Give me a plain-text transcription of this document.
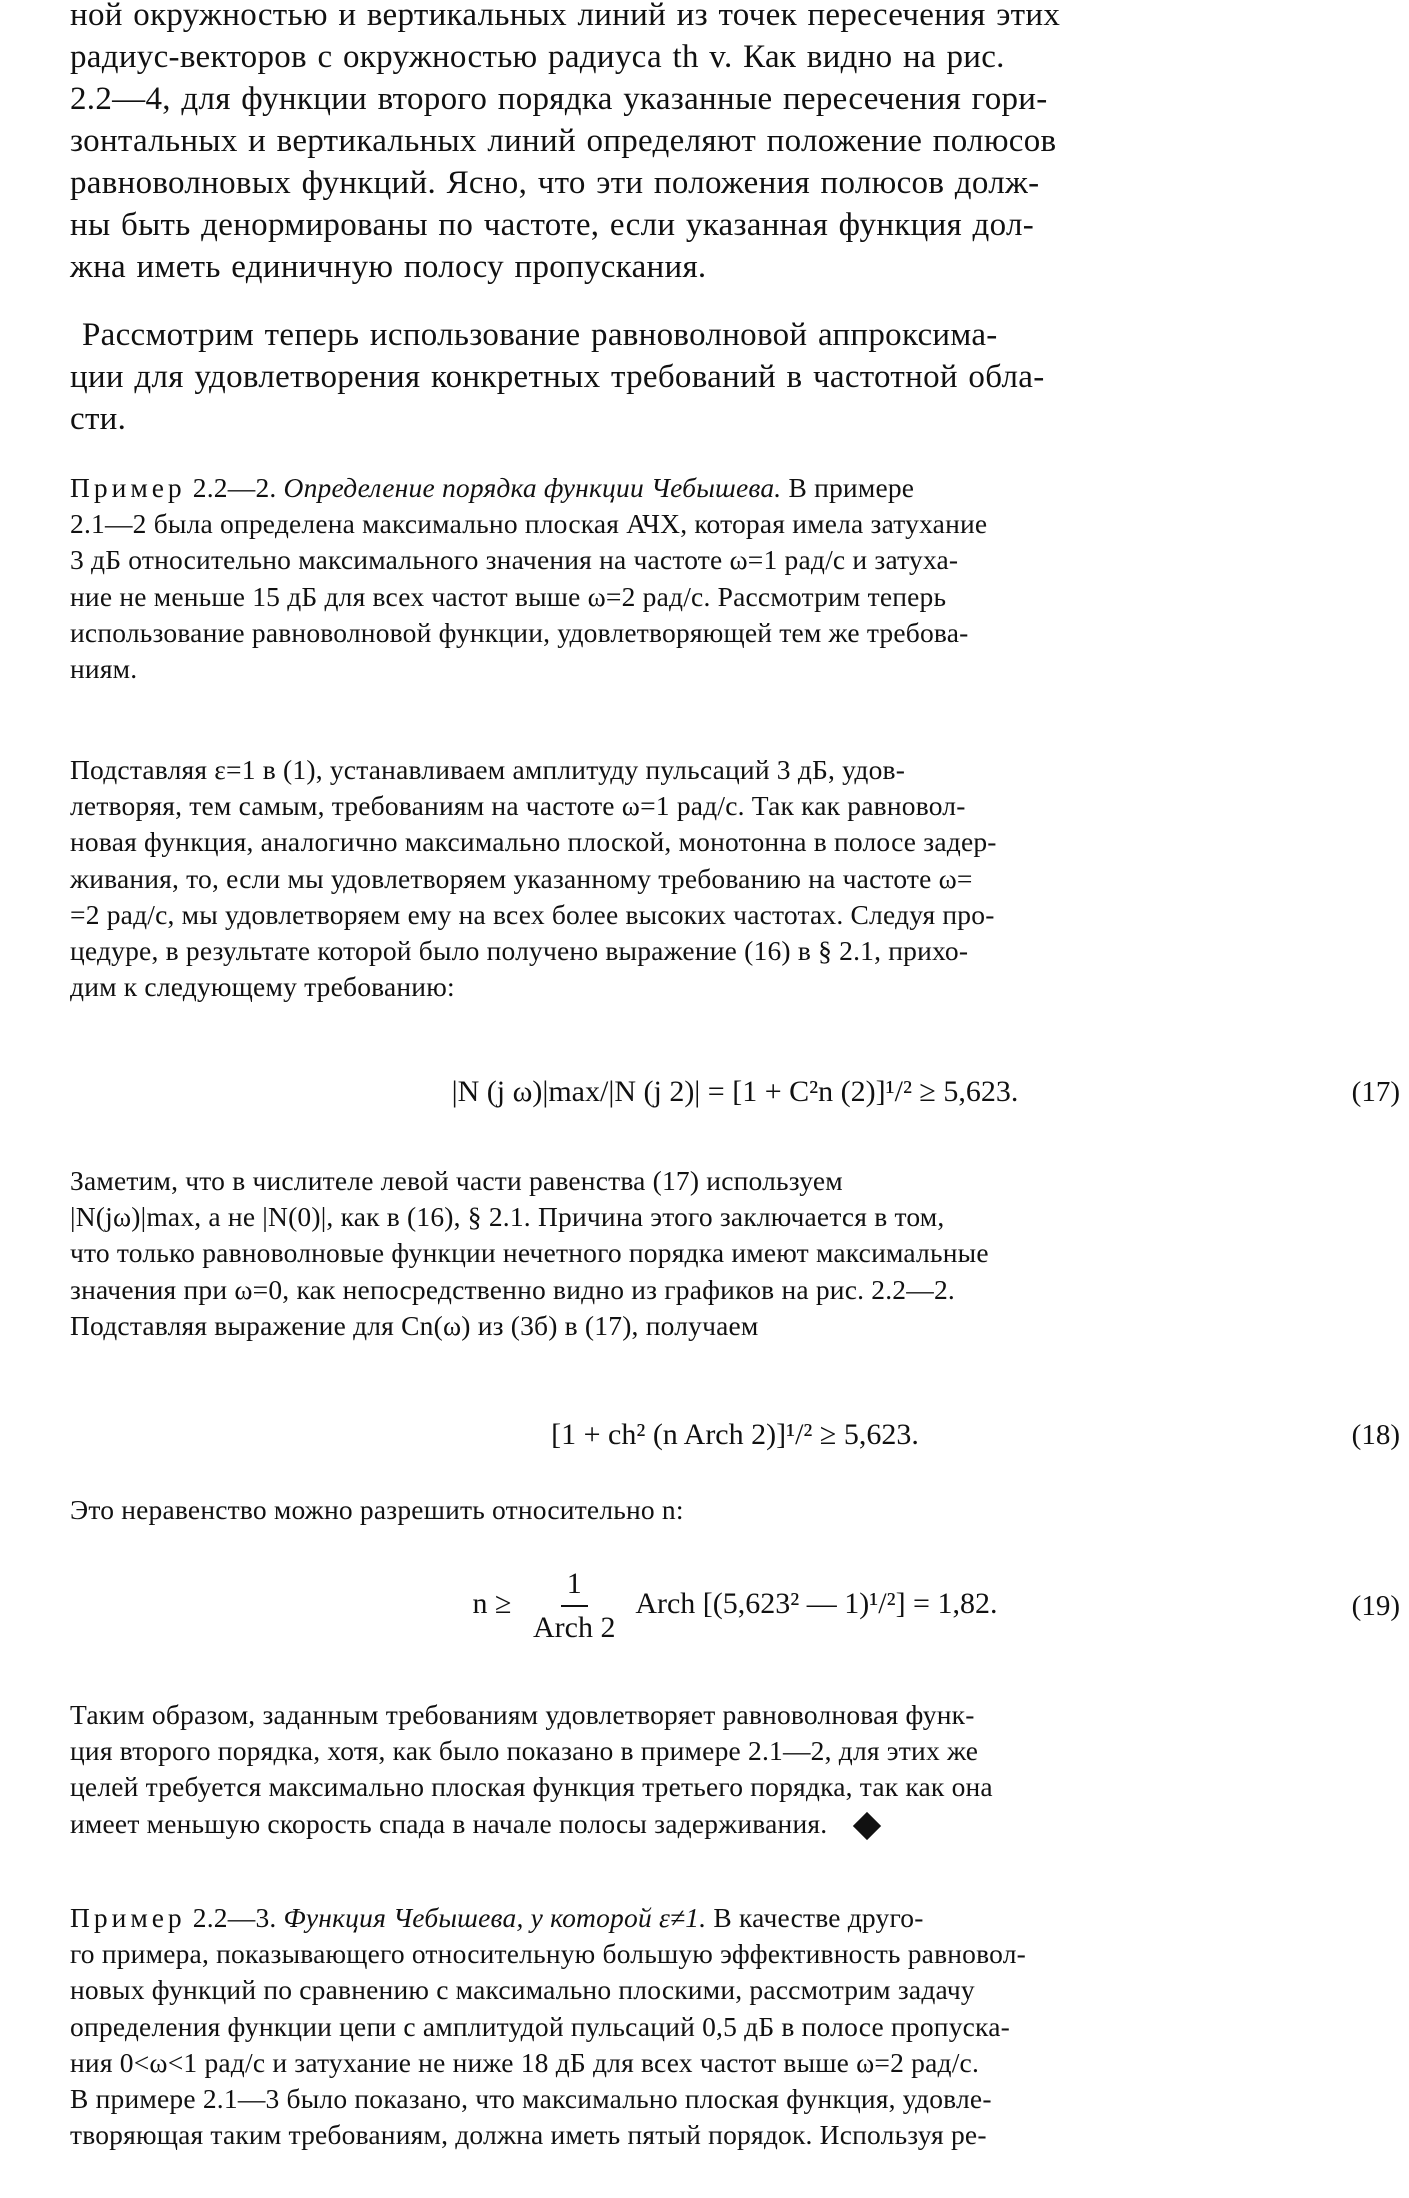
ной окружностью и вертикальных линий из точек пересечения этих
радиус-векторов с окружностью радиуса th v. Как видно на рис.
2.2—4, для функции второго порядка указанные пересечения гори-
зонтальных и вертикальных линий определяют положение полюсов
равноволновых функций. Ясно, что эти положения полюсов долж-
ны быть денормированы по частоте, если указанная функция дол-
жна иметь единичную полосу пропускания.
Рассмотрим теперь использование равноволновой аппроксима-
ции для удовлетворения конкретных требований в частотной обла-
сти.
Пример 2.2—2. Определение порядка функции Чебышева. В примере
2.1—2 была определена максимально плоская АЧХ, которая имела затухание
3 дБ относительно максимального значения на частоте ω=1 рад/с и затуха-
ние не меньше 15 дБ для всех частот выше ω=2 рад/с. Рассмотрим теперь
использование равноволновой функции, удовлетворяющей тем же требова-
ниям.
Подставляя ε=1 в (1), устанавливаем амплитуду пульсаций 3 дБ, удов-
летворяя, тем самым, требованиям на частоте ω=1 рад/с. Так как равновол-
новая функция, аналогично максимально плоской, монотонна в полосе задер-
живания, то, если мы удовлетворяем указанному требованию на частоте ω=
=2 рад/с, мы удовлетворяем ему на всех более высоких частотах. Следуя про-
цедуре, в результате которой было получено выражение (16) в § 2.1, прихо-
дим к следующему требованию:
|N (j ω)|max/|N (j 2)| = [1 + C²n (2)]¹/² ≥ 5,623.	(17)
Заметим, что в числителе левой части равенства (17) используем
|N(jω)|max, а не |N(0)|, как в (16), § 2.1. Причина этого заключается в том,
что только равноволновые функции нечетного порядка имеют максимальные
значения при ω=0, как непосредственно видно из графиков на рис. 2.2—2.
Подставляя выражение для Cn(ω) из (3б) в (17), получаем
[1 + ch² (n Arch 2)]¹/² ≥ 5,623.	(18)
Это неравенство можно разрешить относительно n:
$n \ge \frac{1}{\text{Arch 2}}$ Arch [(5,623² — 1)¹/²] = 1,82.	(19)
Таким образом, заданным требованиям удовлетворяет равноволновая функ-
ция второго порядка, хотя, как было показано в примере 2.1—2, для этих же
целей требуется максимально плоская функция третьего порядка, так как она
имеет меньшую скорость спада в начале полосы задерживания.
Пример 2.2—3. Функция Чебышева, у которой ε≠1. В качестве друго-
го примера, показывающего относительную большую эффективность равновол-
новых функций по сравнению с максимально плоскими, рассмотрим задачу
определения функции цепи с амплитудой пульсаций 0,5 дБ в полосе пропуска-
ния 0<ω<1 рад/с и затухание не ниже 18 дБ для всех частот выше ω=2 рад/с.
В примере 2.1—3 было показано, что максимально плоская функция, удовле-
творяющая таким требованиям, должна иметь пятый порядок. Используя ре-
